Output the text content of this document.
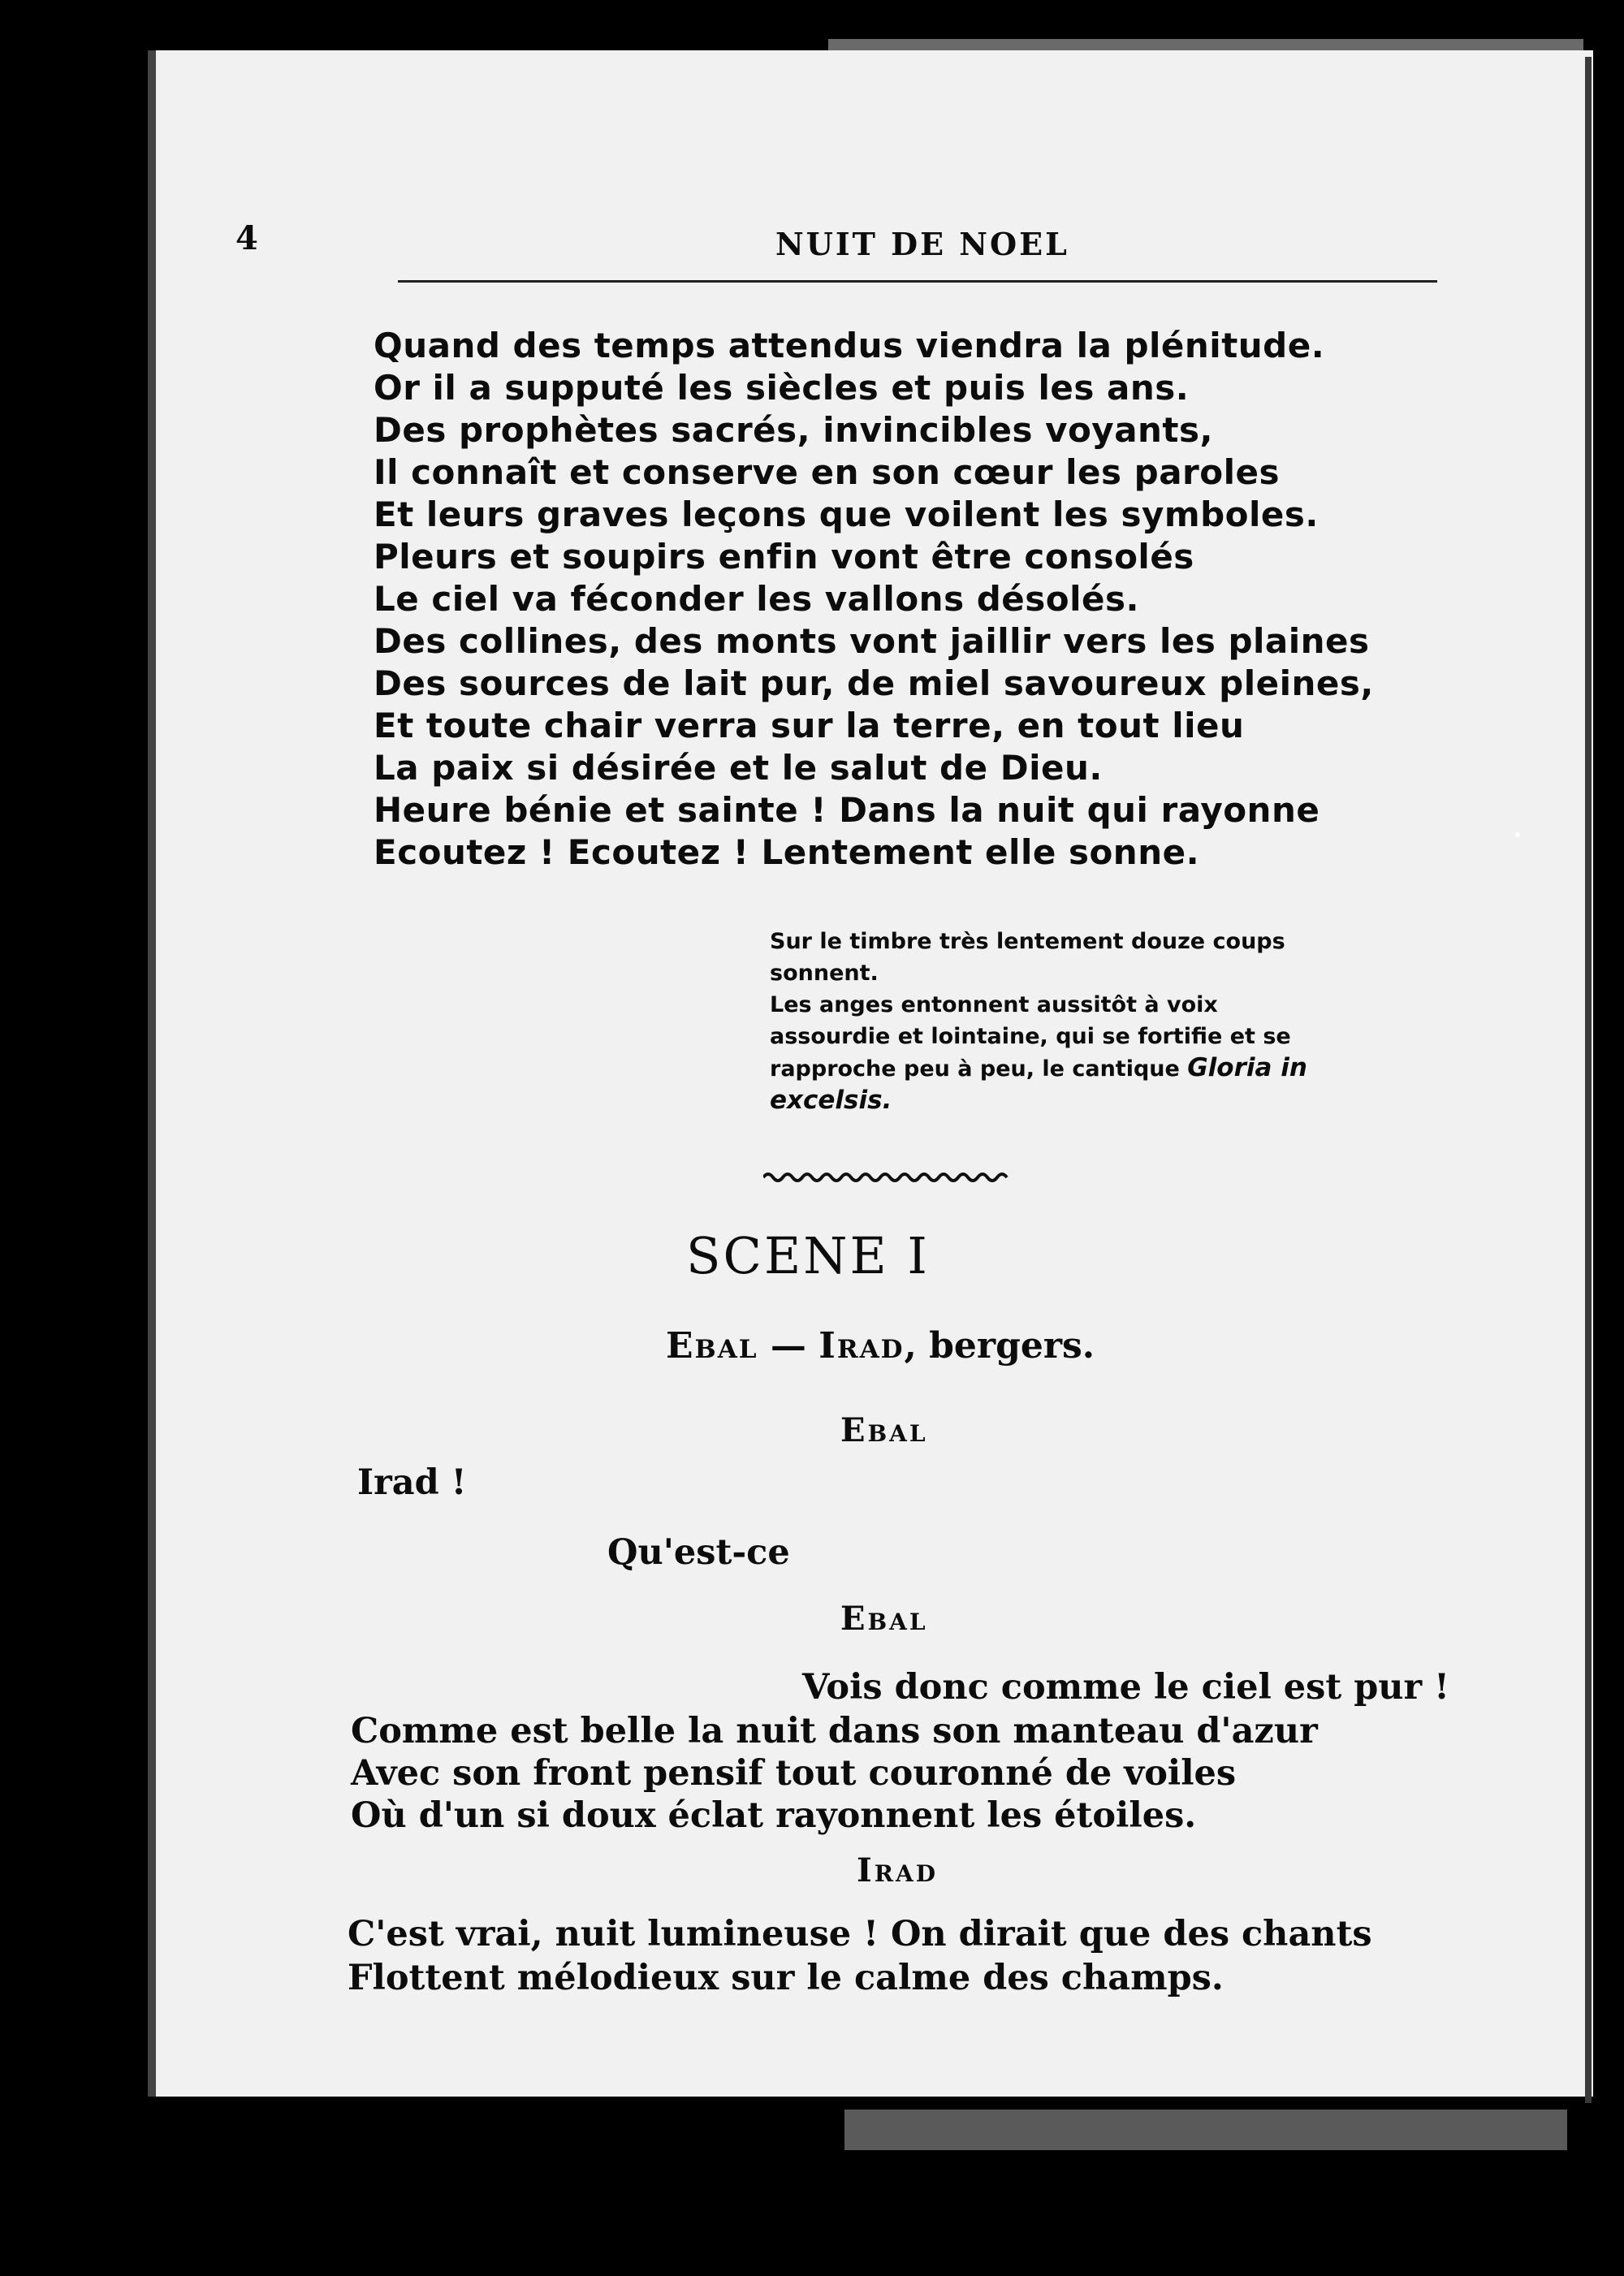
4	NUIT DE NOEL
Quand des temps attendus viendra la plénitude.
Or il a supputé les siècles et puis les ans.
Des prophètes sacrés, invincibles voyants,
Il connaît et conserve en son cœur les paroles
Et leurs graves leçons que voilent les symboles.
Pleurs et soupirs enfin vont être consolés
Le ciel va féconder les vallons désolés.
Des collines, des monts vont jaillir vers les plaines
Des sources de lait pur, de miel savoureux pleines,
Et toute chair verra sur la terre, en tout lieu
La paix si désirée et le salut de Dieu.
Heure bénie et sainte ! Dans la nuit qui rayonne
Ecoutez ! Ecoutez ! Lentement elle sonne.
Sur le timbre très lentement douze coups sonnent.
Les anges entonnent aussitôt à voix assourdie et lointaine, qui se fortifie et se rapproche peu à peu, le cantique Gloria in excelsis.
SCENE I
Ebal — Irad, bergers.
Ebal
Irad !
Qu'est-ce
Ebal
Vois donc comme le ciel est pur !
Comme est belle la nuit dans son manteau d'azur
Avec son front pensif tout couronné de voiles
Où d'un si doux éclat rayonnent les étoiles.
Irad
C'est vrai, nuit lumineuse ! On dirait que des chants
Flottent mélodieux sur le calme des champs.
